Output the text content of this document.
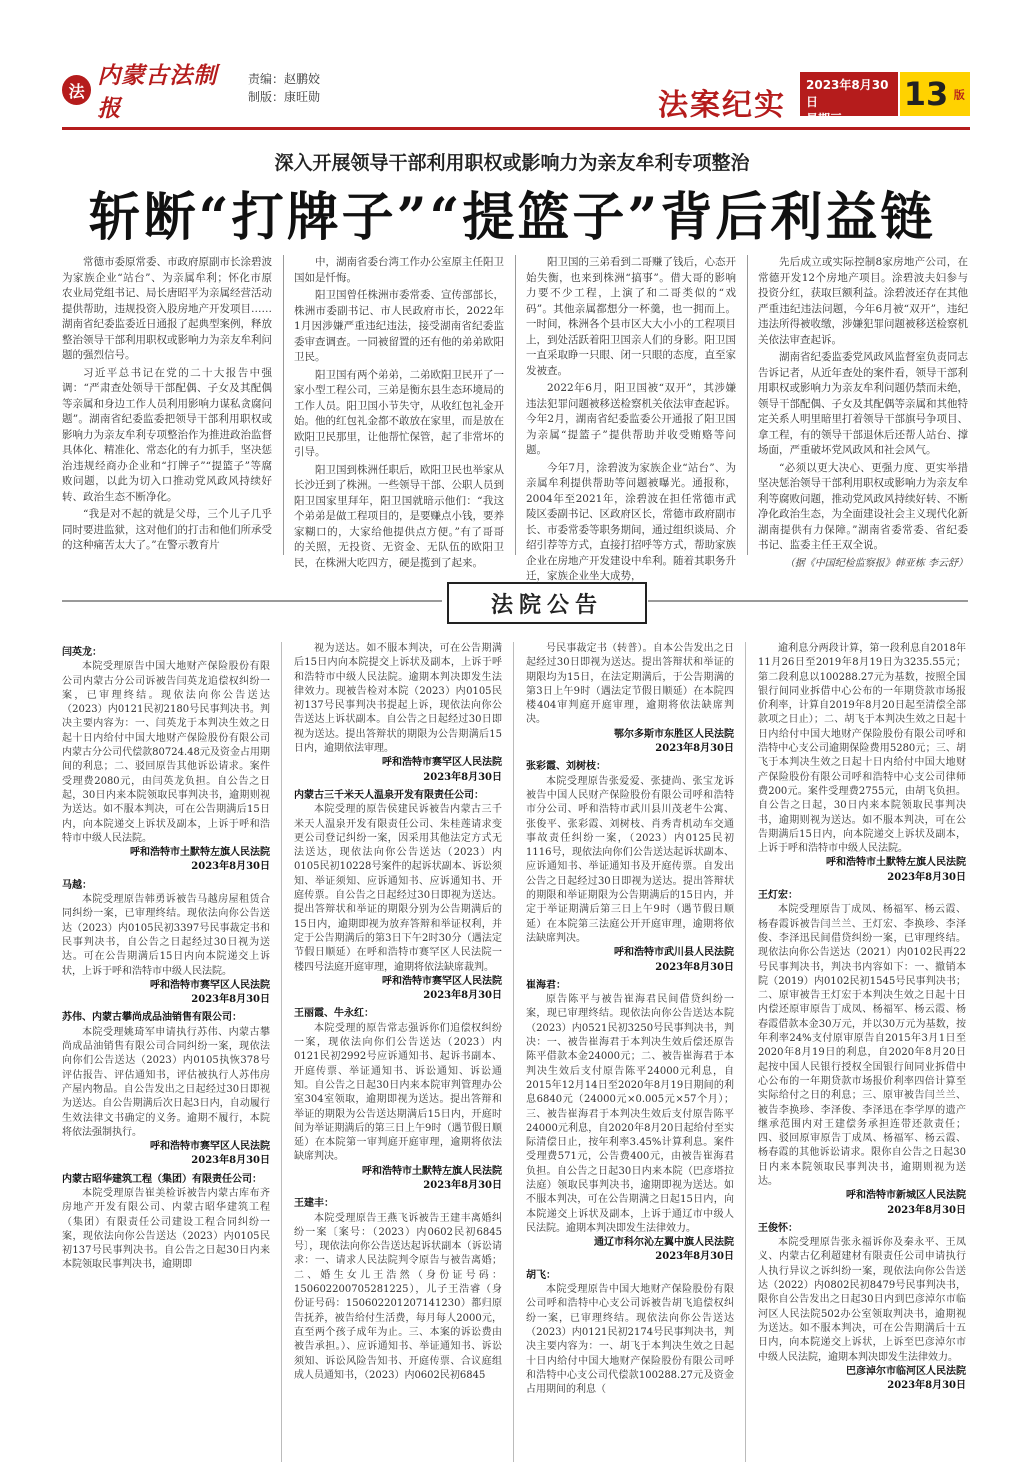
法
内蒙古法制报
责编：赵鹏姣
制版：康旺勋	法案纪实
2023年8月30日
星期三
13 版
深入开展领导干部利用职权或影响力为亲友牟利专项整治
斩断“打牌子”“提篮子”背后利益链

常德市委原常委、市政府原副市长涂碧波为家族企业“站台”、为亲属牟利；怀化市原农业局党组书记、局长唐昭平为亲属经营活动提供帮助，违规投资入股房地产开发项目……湖南省纪委监委近日通报了起典型案例，释放整治领导干部利用职权或影响力为亲友牟利问题的强烈信号。

习近平总书记在党的二十大报告中强调：“严肃查处领导干部配偶、子女及其配偶等亲属和身边工作人员利用影响力谋私贪腐问题”。湖南省纪委监委把领导干部利用职权或影响力为亲友牟利专项整治作为推进政治监督具体化、精准化、常态化的有力抓手，坚决惩治违规经商办企业和“打牌子”“提篮子”等腐败问题，以此为切入口推动党风政风持续好转、政治生态不断净化。

“我是对不起的就是父母，三个儿子几乎同时要进监狱，这对他们的打击和他们所承受的这种痛苦太大了。”在警示教育片

中，湖南省委台湾工作办公室原主任阳卫国如是忏悔。

阳卫国曾任株洲市委常委、宣传部部长，株洲市委副书记、市人民政府市长，2022年1月因涉嫌严重违纪违法，接受湖南省纪委监委审查调查。一同被留置的还有他的弟弟欧阳卫民。

阳卫国有两个弟弟，二弟欧阳卫民开了一家小型工程公司，三弟是衡东县生态环境局的工作人员。阳卫国小节失守，从收红包礼金开始。他的红包礼金都不敢放在家里，而是放在欧阳卫民那里，让他帮忙保管，起了非常坏的引导。

阳卫国到株洲任职后，欧阳卫民也举家从长沙迁到了株洲。一些领导干部、公职人员到阳卫国家里拜年，阳卫国就暗示他们：“我这个弟弟是做工程项目的，是要赚点小钱，要养家糊口的，大家给他提供点方便。”有了哥哥的关照，无投资、无资金、无队伍的欧阳卫民，在株洲大吃四方，硬是揽到了起来。

阳卫国的三弟看到二哥赚了钱后，心态开始失衡，也来到株洲“搞事”。借大哥的影响力要不少工程，上演了和二哥类似的“戏码”。其他亲属都想分一杯羹，也一拥而上。一时间，株洲各个县市区大大小小的工程项目上，到处活跃着阳卫国亲人们的身影。阳卫国一直采取睁一只眼、闭一只眼的态度，直至家发被查。

2022年6月，阳卫国被“双开”，其涉嫌违法犯罪问题被移送检察机关依法审查起诉。今年2月，湖南省纪委监委公开通报了阳卫国为亲属“提篮子”提供帮助并收受贿赂等问题。

今年7月，涂碧波为家族企业“站台”、为亲属牟利提供帮助等问题被曝光。通报称，2004年至2021年，涂碧波在担任常德市武陵区委副书记、区政府区长，常德市政府副市长、市委常委等职务期间，通过组织谈局、介绍引荐等方式，直接打招呼等方式，帮助家族企业在房地产开发建设中牟利。随着其职务升迁，家族企业坐大成势，

先后成立或实际控制8家房地产公司，在常德开发12个房地产项目。涂碧波夫妇参与投资分红，获取巨额利益。涂碧波还存在其他严重违纪违法问题，今年6月被“双开”，违纪违法所得被收缴，涉嫌犯罪问题被移送检察机关依法审查起诉。

湖南省纪委监委党风政风监督室负责同志告诉记者，从近年查处的案件看，领导干部利用职权或影响力为亲友牟利问题仍禁而未绝，领导干部配偶、子女及其配偶等亲属和其他特定关系人明里暗里打着领导干部旗号争项目、拿工程，有的领导干部退休后还帮人站台、撑场面，严重破坏党风政风和社会风气。

“必须以更大决心、更强力度、更实举措坚决惩治领导干部利用职权或影响力为亲友牟利等腐败问题，推动党风政风持续好转、不断净化政治生态，为全面建设社会主义现代化新湖南提供有力保障。”湖南省委常委、省纪委书记、监委主任王双全说。

（据《中国纪检监察报》韩亚栋 李云舒）

法院公告
闫英龙：

本院受理原告中国大地财产保险股份有限公司内蒙古分公司诉被告闫英龙追偿权纠纷一案，已审理终结。现依法向你公告送达（2023）内0121民初2180号民事判决书。判决主要内容为：一、闫英龙于本判决生效之日起十日内给付中国大地财产保险股份有限公司内蒙古分公司代偿款80724.48元及资金占用期间的利息；二、驳回原告其他诉讼请求。案件受理费2080元，由闫英龙负担。自公告之日起，30日内来本院领取民事判决书，逾期则视为送达。如不服本判决，可在公告期满后15日内，向本院递交上诉状及副本，上诉于呼和浩特市中级人民法院。

呼和浩特市土默特左旗人民法院
2023年8月30日
马越：

本院受理原告韩勇诉被告马越房屋租赁合同纠纷一案，已审理终结。现依法向你公告送达（2023）内0105民初3397号民事裁定书和民事判决书，自公告之日起经过30日视为送达。可在公告期满后15日内向本院递交上诉状，上诉于呼和浩特市中级人民法院。

呼和浩特市赛罕区人民法院
2023年8月30日
苏伟、内蒙古攀尚成品油销售有限公司：

本院受理姚琦军申请执行苏伟、内蒙古攀尚成品油销售有限公司合同纠纷一案，现依法向你们公告送达（2023）内0105执恢378号评估报告、评估通知书，评估被执行人苏伟房产屋内物品。自公告发出之日起经过30日即视为送达。自公告期满后次日起3日内，自动履行生效法律文书确定的义务。逾期不履行，本院将依法强制执行。

呼和浩特市赛罕区人民法院
2023年8月30日
内蒙古昭华建筑工程（集团）有限责任公司：

本院受理原告崔美检诉被告内蒙古库布齐房地产开发有限公司、内蒙古昭华建筑工程（集团）有限责任公司建设工程合同纠纷一案，现依法向你公告送达（2023）内0105民初137号民事判决书。自公告之日起30日内来本院领取民事判决书，逾期即

视为送达。如不服本判决，可在公告期满后15日内向本院提交上诉状及副本，上诉于呼和浩特市中级人民法院。逾期本判决即发生法律效力。现被告检对本院（2023）内0105民初137号民事判决书提起上诉，现依法向你公告送达上诉状副本。自公告之日起经过30日即视为送达。提出答辩状的期限为公告期满后15日内，逾期依法审理。

呼和浩特市赛罕区人民法院
2023年8月30日
内蒙古三千米天人温泉开发有限责任公司：

本院受理的原告侯建民诉被告内蒙古三千米天人温泉开发有限责任公司、朱桂莲请求变更公司登记纠纷一案，因采用其他法定方式无法送达，现依法向你公告送达（2023）内0105民初10228号案件的起诉状副本、诉讼须知、举证须知、应诉通知书、应诉通知书、开庭传票。自公告之日起经过30日即视为送达。提出答辩状和举证的期限分别为公告期满后的15日内，逾期即视为放弃答辩和举证权利，并定于公告期满后的第3日下午2时30分（遇法定节假日顺延）在呼和浩特市赛罕区人民法院一楼四号法庭开庭审理，逾期将依法缺席裁判。

呼和浩特市赛罕区人民法院
2023年8月30日
王丽霞、牛永红：

本院受理的原告常志强诉你们追偿权纠纷一案，现依法向你们公告送达（2023）内0121民初2992号应诉通知书、起诉书副本、开庭传票、举证通知书、诉讼通知、诉讼通知。自公告之日起30日内来本院审判管理办公室304室领取，逾期即视为送达。提出答辩和举证的期限为公告送达期满后15日内，开庭时间为举证期满后的第三日上午9时（遇节假日顺延）在本院第一审判庭开庭审理，逾期将依法缺席判决。

呼和浩特市土默特左旗人民法院
2023年8月30日
王建丰：

本院受理原告王燕飞诉被告王建丰离婚纠纷一案〔案号：（2023）内0602民初6845号〕，现依法向你公告送达起诉状副本（诉讼请求：一、请求人民法院判令原告与被告离婚；二、婚生女儿王浩然（身份证号码：150602200705281225），儿子王浩睿（身份证号码：150602201207141230）都归原告抚养，被告给付生活费，每月每人2000元，直至两个孩子成年为止。三、本案的诉讼费由被告承担。）、应诉通知书、举证通知书、诉讼须知、诉讼风险告知书、开庭传票、合议庭组成人员通知书，（2023）内0602民初6845

号民事裁定书（转普）。自本公告发出之日起经过30日即视为送达。提出答辩状和举证的期限均为15日，在法定期满后，于公告期满的第3日上午9时（遇法定节假日顺延）在本院四楼404审判庭开庭审理，逾期将依法缺席判决。

鄂尔多斯市东胜区人民法院
2023年8月30日
张彩霞、刘树枝：

本院受理原告张爱爱、张捷尚、张宝龙诉被告中国人民财产保险股份有限公司呼和浩特市分公司、呼和浩特市武川县川茂老牛公寓、张俊平、张彩霞、刘树枝、肖秀青机动车交通事故责任纠纷一案，（2023）内0125民初1116号，现依法向你们公告送达起诉状副本、应诉通知书、举证通知书及开庭传票。自发出公告之日起经过30日即视为送达。提出答辩状的期限和举证期限为公告期满后的15日内，并定于举证期满后第三日上午9时（遇节假日顺延）在本院第三法庭公开开庭审理，逾期将依法缺席判决。

呼和浩特市武川县人民法院
2023年8月30日
崔海君：

原告陈平与被告崔海君民间借贷纠纷一案，现已审理终结。现依法向你公告送达本院（2023）内0521民初3250号民事判决书，判决：一、被告崔海君于本判决生效后偿还原告陈平借款本金24000元；二、被告崔海君于本判决生效后支付原告陈平24000元利息，自2015年12月14日至2020年8月19日期间的利息6840元（24000元×0.005元×57个月）；三、被告崔海君于本判决生效后支付原告陈平24000元利息，自2020年8月20日起给付至实际清偿日止，按年利率3.45%计算利息。案件受理费571元，公告费400元，由被告崔海君负担。自公告之日起30日内来本院（巴彦塔拉法庭）领取民事判决书，逾期即视为送达。如不服本判决，可在公告期满之日起15日内，向本院递交上诉状及副本，上诉于通辽市中级人民法院。逾期本判决即发生法律效力。

通辽市科尔沁左翼中旗人民法院
2023年8月30日
胡飞：

本院受理原告中国大地财产保险股份有限公司呼和浩特中心支公司诉被告胡飞追偿权纠纷一案，已审理终结。现依法向你公告送达（2023）内0121民初2174号民事判决书，判决主要内容为：一、胡飞于本判决生效之日起十日内给付中国大地财产保险股份有限公司呼和浩特中心支公司代偿款100288.27元及资金占用期间的利息（

逾利息分两段计算，第一段利息自2018年11月26日至2019年8月19日为3235.55元；第二段利息以100288.27元为基数，按照全国银行间同业拆借中心公布的一年期贷款市场报价利率，计算自2019年8月20日起至清偿全部款项之日止）；二、胡飞于本判决生效之日起十日内给付中国大地财产保险股份有限公司呼和浩特中心支公司逾期保险费用5280元；三、胡飞于本判决生效之日起十日内给付中国大地财产保险股份有限公司呼和浩特中心支公司律师费200元。案件受理费2755元，由胡飞负担。自公告之日起，30日内来本院领取民事判决书，逾期则视为送达。如不服本判决，可在公告期满后15日内，向本院递交上诉状及副本，上诉于呼和浩特市中级人民法院。

呼和浩特市土默特左旗人民法院
2023年8月30日
王灯宏：

本院受理原告丁成凤、杨福军、杨云霞、杨春霞诉被告闫兰兰、王灯宏、李换珍、李泽俊、李泽迅民间借贷纠纷一案，已审理终结。现依法向你公告送达（2021）内0102民再22号民事判决书，判决书内容如下：一、撤销本院（2019）内0102民初1545号民事判决书；二、原审被告王灯宏于本判决生效之日起十日内偿还原审原告丁成凤、杨福军、杨云霞、杨春霞借款本金30万元，并以30万元为基数，按年利率24%支付原审原告自2015年3月1日至2020年8月19日的利息，自2020年8月20日起按中国人民银行授权全国银行间同业拆借中心公布的一年期贷款市场报价利率四倍计算至实际给付之日的利息；三、原审被告闫兰兰、被告李换珍、李泽俊、李泽迅在李学厚的遗产继承范围内对王建偿务承担连带还款责任；四、驳回原审原告丁成凤、杨福军、杨云霞、杨春霞的其他诉讼请求。限你自公告之日起30日内来本院领取民事判决书，逾期则视为送达。

呼和浩特市新城区人民法院
2023年8月30日
王俊怀：

本院受理原告张永福诉你及秦永平、王凤义、内蒙古亿利超建材有限责任公司申请执行人执行异议之诉纠纷一案，现依法向你公告送达（2022）内0802民初8479号民事判决书，限你自公告发出之日起30日内到巴彦淖尔市临河区人民法院502办公室领取判决书，逾期视为送达。如不服本判决，可在公告期满后十五日内，向本院递交上诉状，上诉至巴彦淖尔市中级人民法院，逾期本判决即发生法律效力。

巴彦淖尔市临河区人民法院
2023年8月30日
